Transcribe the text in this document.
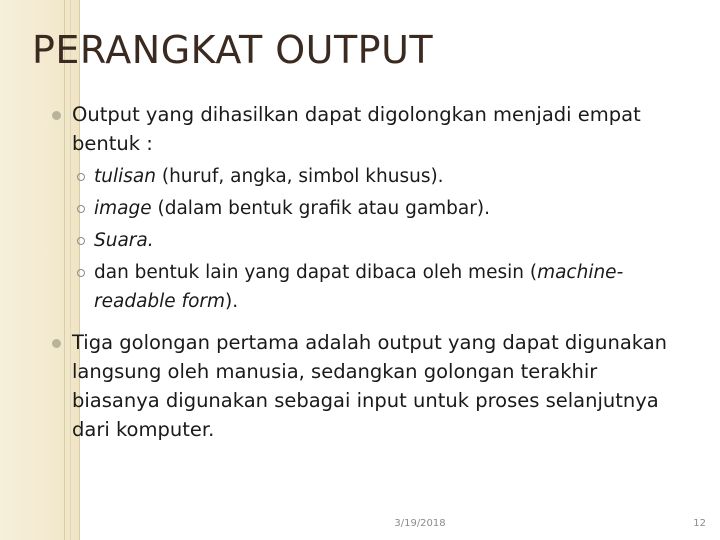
PERANGKAT OUTPUT
Output yang dihasilkan dapat digolongkan menjadi empat bentuk :
tulisan (huruf, angka, simbol khusus).
image (dalam bentuk grafik atau gambar).
Suara.
dan bentuk lain yang dapat dibaca oleh mesin (machine-readable form).
Tiga golongan pertama adalah output yang dapat digunakan langsung oleh manusia, sedangkan golongan terakhir biasanya digunakan sebagai input untuk proses selanjutnya dari komputer.
3/19/2018	12
